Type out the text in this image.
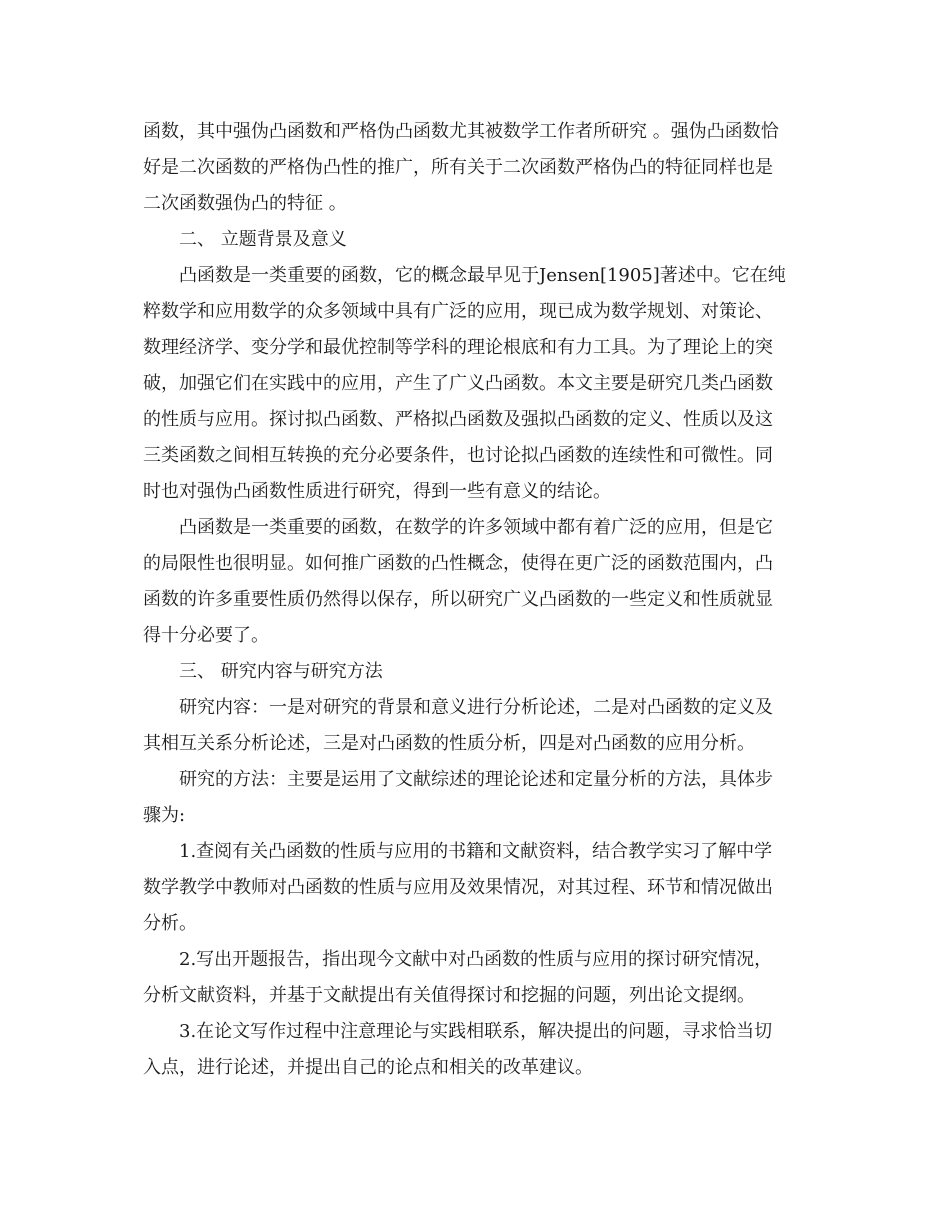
函数，其中强伪凸函数和严格伪凸函数尤其被数学工作者所研究 。强伪凸函数恰
好是二次函数的严格伪凸性的推广，所有关于二次函数严格伪凸的特征同样也是
二次函数强伪凸的特征 。
二、 立题背景及意义
凸函数是一类重要的函数，它的概念最早见于Jensen[1905]著述中。它在纯
粹数学和应用数学的众多领域中具有广泛的应用，现已成为数学规划、对策论、
数理经济学、变分学和最优控制等学科的理论根底和有力工具。为了理论上的突
破，加强它们在实践中的应用，产生了广义凸函数。本文主要是研究几类凸函数
的性质与应用。探讨拟凸函数、严格拟凸函数及强拟凸函数的定义、性质以及这
三类函数之间相互转换的充分必要条件，也讨论拟凸函数的连续性和可微性。同
时也对强伪凸函数性质进行研究，得到一些有意义的结论。
凸函数是一类重要的函数，在数学的许多领域中都有着广泛的应用，但是它
的局限性也很明显。如何推广函数的凸性概念，使得在更广泛的函数范围内，凸
函数的许多重要性质仍然得以保存，所以研究广义凸函数的一些定义和性质就显
得十分必要了。
三、 研究内容与研究方法
研究内容：一是对研究的背景和意义进行分析论述，二是对凸函数的定义及
其相互关系分析论述，三是对凸函数的性质分析，四是对凸函数的应用分析。
研究的方法：主要是运用了文献综述的理论论述和定量分析的方法，具体步
骤为:
1.查阅有关凸函数的性质与应用的书籍和文献资料，结合教学实习了解中学
数学教学中教师对凸函数的性质与应用及效果情况，对其过程、环节和情况做出
分析。
2.写出开题报告，指出现今文献中对凸函数的性质与应用的探讨研究情况，
分析文献资料，并基于文献提出有关值得探讨和挖掘的问题，列出论文提纲。
3.在论文写作过程中注意理论与实践相联系，解决提出的问题，寻求恰当切
入点，进行论述，并提出自己的论点和相关的改革建议。
